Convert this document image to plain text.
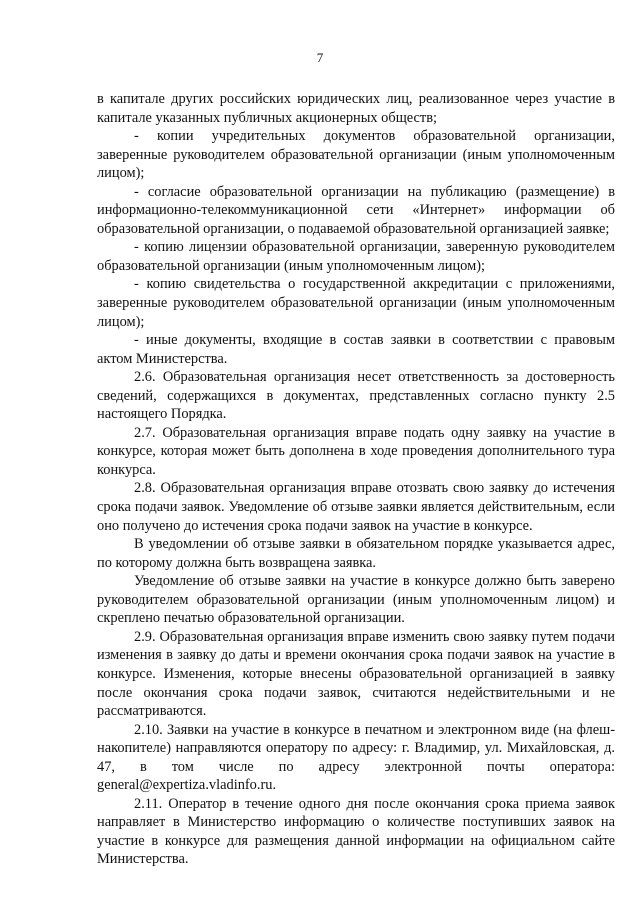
7

в капитале других российских юридических лиц, реализованное через участие в капитале указанных публичных акционерных обществ;

- копии учредительных документов образовательной организации, заверенные руководителем образовательной организации (иным уполномоченным лицом);

- согласие образовательной организации на публикацию (размещение) в информационно-телекоммуникационной сети «Интернет» информации об образовательной организации, о подаваемой образовательной организацией заявке;

- копию лицензии образовательной организации, заверенную руководителем образовательной организации (иным уполномоченным лицом);

- копию свидетельства о государственной аккредитации с приложениями, заверенные руководителем образовательной организации (иным уполномоченным лицом);

- иные документы, входящие в состав заявки в соответствии с правовым актом Министерства.

2.6. Образовательная организация несет ответственность за достоверность сведений, содержащихся в документах, представленных согласно пункту 2.5 настоящего Порядка.

2.7. Образовательная организация вправе подать одну заявку на участие в конкурсе, которая может быть дополнена в ходе проведения дополнительного тура конкурса.

2.8. Образовательная организация вправе отозвать свою заявку до истечения срока подачи заявок. Уведомление об отзыве заявки является действительным, если оно получено до истечения срока подачи заявок на участие в конкурсе.

В уведомлении об отзыве заявки в обязательном порядке указывается адрес, по которому должна быть возвращена заявка.

Уведомление об отзыве заявки на участие в конкурсе должно быть заверено руководителем образовательной организации (иным уполномоченным лицом) и скреплено печатью образовательной организации.

2.9. Образовательная организация вправе изменить свою заявку путем подачи изменения в заявку до даты и времени окончания срока подачи заявок на участие в конкурсе. Изменения, которые внесены образовательной организацией в заявку после окончания срока подачи заявок, считаются недействительными и не рассматриваются.

2.10. Заявки на участие в конкурсе в печатном и электронном виде (на флеш-накопителе) направляются оператору по адресу: г. Владимир, ул. Михайловская, д. 47, в том числе по адресу электронной почты оператора: general@expertiza.vladinfo.ru.

2.11. Оператор в течение одного дня после окончания срока приема заявок направляет в Министерство информацию о количестве поступивших заявок на участие в конкурсе для размещения данной информации на официальном сайте Министерства.
